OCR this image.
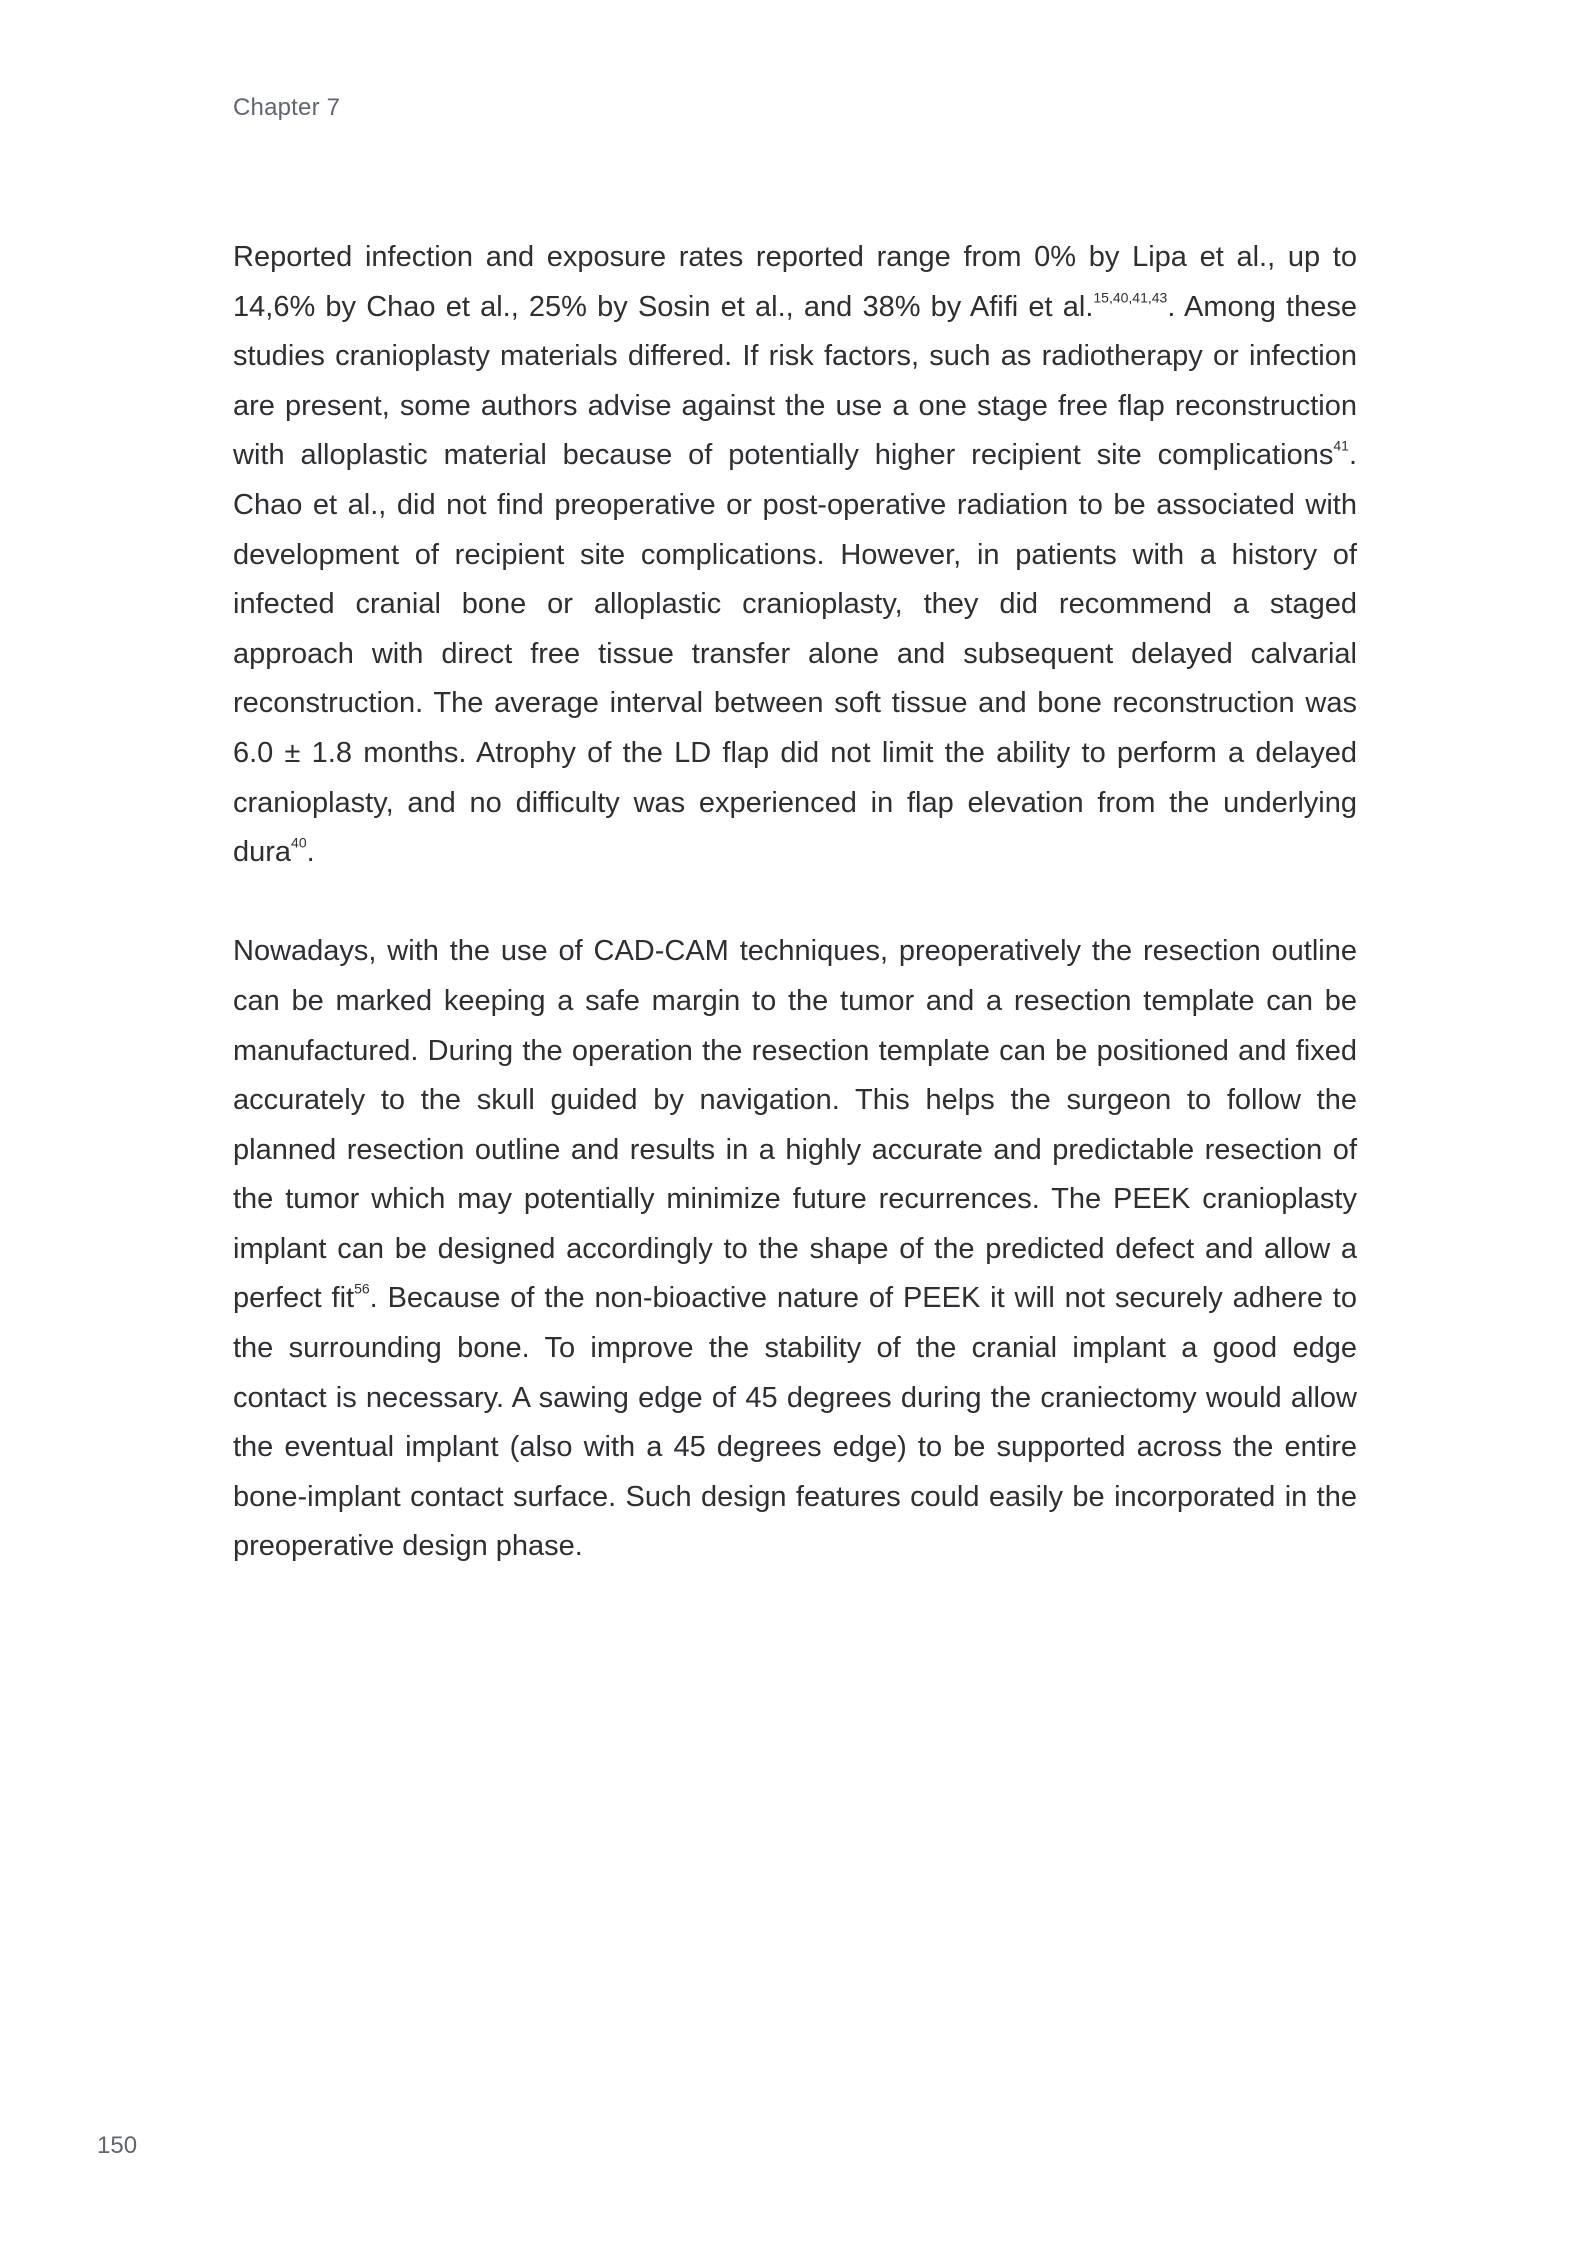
Chapter 7

Reported infection and exposure rates reported range from 0% by Lipa et al., up to 14,6% by Chao et al., 25% by Sosin et al., and 38% by Afifi et al.$^{15,40,41,43}$. Among these studies cranioplasty materials differed. If risk factors, such as radiotherapy or infection are present, some authors advise against the use a one stage free flap reconstruction with alloplastic material because of potentially higher recipient site complications$^{41}$. Chao et al., did not find preoperative or post-operative radiation to be associated with development of recipient site complications. However, in patients with a history of infected cranial bone or alloplastic cranioplasty, they did recommend a staged approach with direct free tissue transfer alone and subsequent delayed calvarial reconstruction. The average interval between soft tissue and bone reconstruction was 6.0 ± 1.8 months. Atrophy of the LD flap did not limit the ability to perform a delayed cranioplasty, and no difficulty was experienced in flap elevation from the underlying dura$^{40}$.

Nowadays, with the use of CAD-CAM techniques, preoperatively the resection outline can be marked keeping a safe margin to the tumor and a resection template can be manufactured. During the operation the resection template can be positioned and fixed accurately to the skull guided by navigation. This helps the surgeon to follow the planned resection outline and results in a highly accurate and predictable resection of the tumor which may potentially minimize future recurrences. The PEEK cranioplasty implant can be designed accordingly to the shape of the predicted defect and allow a perfect fit$^{56}$. Because of the non-bioactive nature of PEEK it will not securely adhere to the surrounding bone. To improve the stability of the cranial implant a good edge contact is necessary. A sawing edge of 45 degrees during the craniectomy would allow the eventual implant (also with a 45 degrees edge) to be supported across the entire bone-implant contact surface. Such design features could easily be incorporated in the preoperative design phase.

150
